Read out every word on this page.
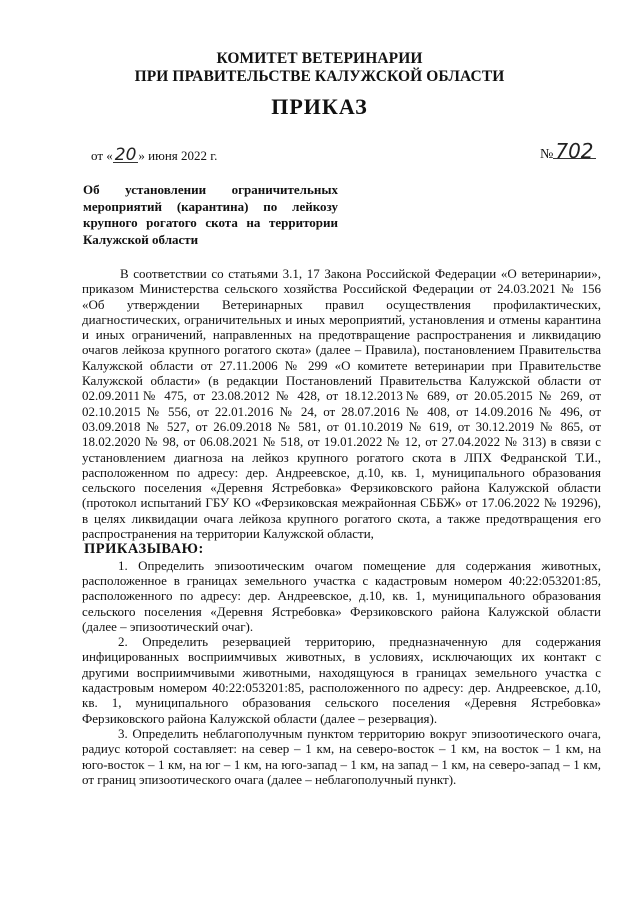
КОМИТЕТ ВЕТЕРИНАРИИ
ПРИ ПРАВИТЕЛЬСТВЕ КАЛУЖСКОЙ ОБЛАСТИ
ПРИКАЗ
от « 20 » июня 2022 г.	№ 702

Об установлении ограничительных

мероприятий (карантина) по лейкозу

крупного рогатого скота на территории

Калужской области

В соответствии со статьями 3.1, 17 Закона Российской Федерации «О ветеринарии», приказом Министерства сельского хозяйства Российской Федерации от 24.03.2021 № 156 «Об утверждении Ветеринарных правил осуществления профилактических, диагностических, ограничительных и иных мероприятий, установления и отмены карантина и иных ограничений, направленных на предотвращение распространения и ликвидацию очагов лейкоза крупного рогатого скота» (далее – Правила), постановлением Правительства Калужской области от 27.11.2006 № 299 «О комитете ветеринарии при Правительстве Калужской области» (в редакции Постановлений Правительства Калужской области от 02.09.2011№ 475, от 23.08.2012 № 428, от 18.12.2013№ 689, от 20.05.2015 № 269, от 02.10.2015 № 556, от 22.01.2016 № 24, от 28.07.2016 № 408, от 14.09.2016 № 496, от 03.09.2018 № 527, от 26.09.2018 № 581, от 01.10.2019 № 619, от 30.12.2019 № 865, от 18.02.2020 № 98, от 06.08.2021 № 518, от 19.01.2022 № 12, от 27.04.2022 № 313) в связи с установлением диагноза на лейкоз крупного рогатого скота в ЛПХ Федранской Т.И., расположенном по адресу: дер. Андреевское, д.10, кв. 1, муниципального образования сельского поселения «Деревня Ястребовка» Ферзиковского района Калужской области (протокол испытаний ГБУ КО «Ферзиковская межрайонная СББЖ» от 17.06.2022 № 19296), в целях ликвидации очага лейкоза крупного рогатого скота, а также предотвращения его распространения на территории Калужской области,

ПРИКАЗЫВАЮ:

1. Определить эпизоотическим очагом помещение для содержания животных, расположенное в границах земельного участка с кадастровым номером 40:22:053201:85, расположенного по адресу: дер. Андреевское, д.10, кв. 1, муниципального образования сельского поселения «Деревня Ястребовка» Ферзиковского района Калужской области (далее – эпизоотический очаг).

2. Определить резервацией территорию, предназначенную для содержания инфицированных восприимчивых животных, в условиях, исключающих их контакт с другими восприимчивыми животными, находящуюся в границах земельного участка с кадастровым номером 40:22:053201:85, расположенного по адресу: дер. Андреевское, д.10, кв. 1, муниципального образования сельского поселения «Деревня Ястребовка» Ферзиковского района Калужской области (далее – резервация).

3. Определить неблагополучным пунктом территорию вокруг эпизоотического очага, радиус которой составляет: на север – 1 км, на северо-восток – 1 км, на восток – 1 км, на юго-восток – 1 км, на юг – 1 км, на юго-запад – 1 км, на запад – 1 км, на северо-запад – 1 км, от границ эпизоотического очага (далее – неблагополучный пункт).
